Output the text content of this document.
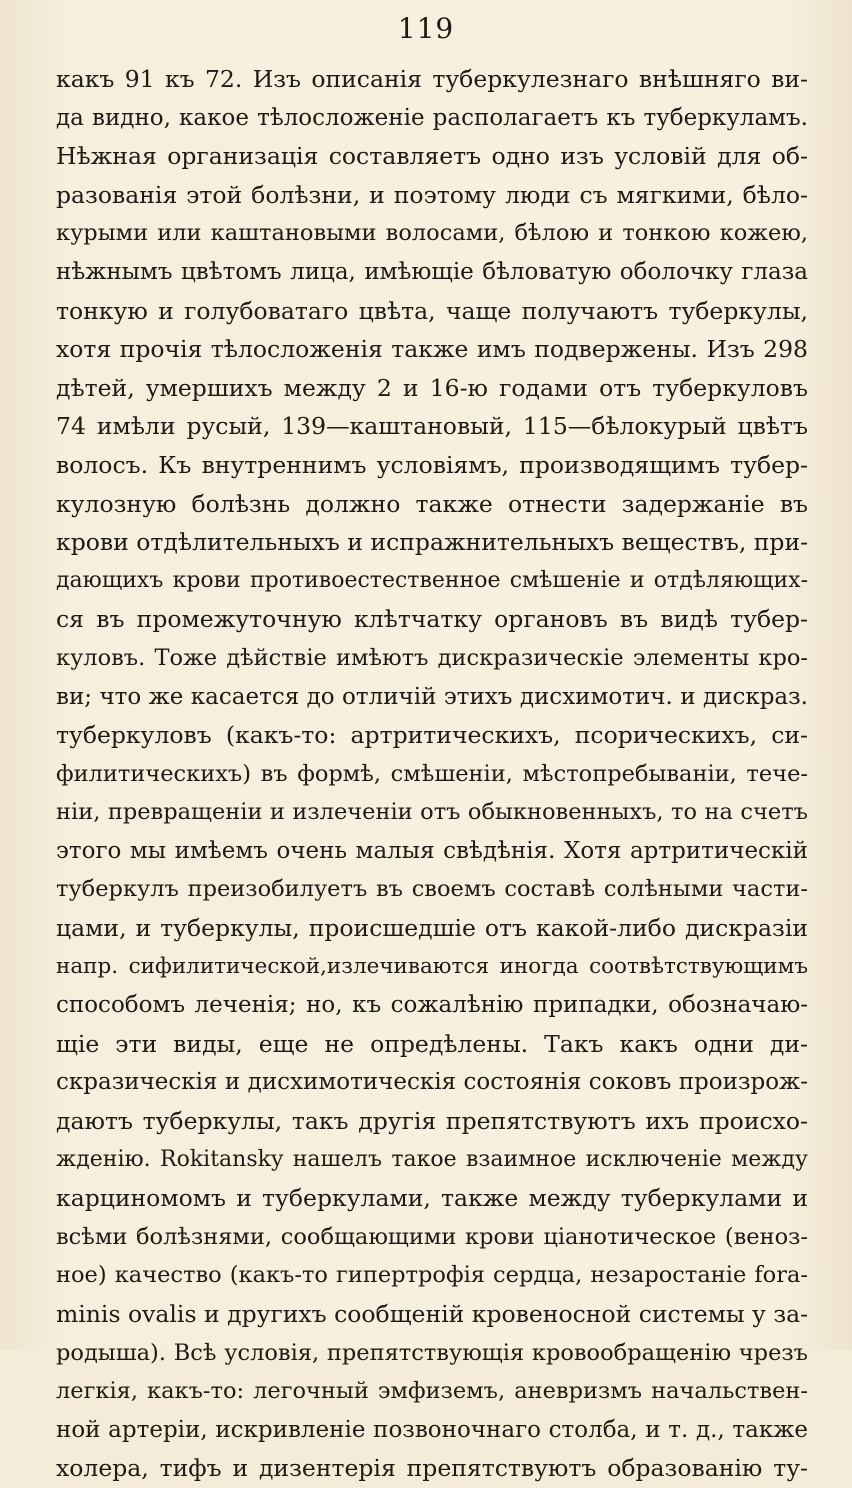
119
какъ 91 къ 72. Изъ описанія туберкулезнаго внѣшняго ви-
да видно, какое тѣлосложеніе располагаетъ къ туберкуламъ.
Нѣжная организація составляетъ одно изъ условій для об-
разованія этой болѣзни, и поэтому люди съ мягкими, бѣло-
курыми или каштановыми волосами, бѣлою и тонкою кожею,
нѣжнымъ цвѣтомъ лица, имѣющіе бѣловатую оболочку глаза
тонкую и голубоватаго цвѣта, чаще получаютъ туберкулы,
хотя прочія тѣлосложенія также имъ подвержены. Изъ 298
дѣтей, умершихъ между 2 и 16-ю годами отъ туберкуловъ
74 имѣли русый, 139—каштановый, 115—бѣлокурый цвѣтъ
волосъ. Къ внутреннимъ условіямъ, производящимъ тубер-
кулозную болѣзнь должно также отнести задержаніе въ
крови отдѣлительныхъ и испражнительныхъ веществъ, при-
дающихъ крови противоестественное смѣшеніе и отдѣляющих-
ся въ промежуточную клѣтчатку органовъ въ видѣ тубер-
куловъ. Тоже дѣйствіе имѣютъ дискразическіе элементы кро-
ви; что же касается до отличій этихъ дисхимотич. и дискраз.
туберкуловъ (какъ-то: артритическихъ, псорическихъ, си-
филитическихъ) въ формѣ, смѣшеніи, мѣстопребываніи, тече-
ніи, превращеніи и излеченіи отъ обыкновенныхъ, то на счетъ
этого мы имѣемъ очень малыя свѣдѣнія. Хотя артритическій
туберкулъ преизобилуетъ въ своемъ составѣ солѣными части-
цами, и туберкулы, происшедшіе отъ какой-либо дискразіи
напр. сифилитической,излечиваются иногда соотвѣтствующимъ
способомъ леченія; но, къ сожалѣнію припадки, обозначаю-
щіе эти виды, еще не опредѣлены. Такъ какъ одни ди-
скразическія и дисхимотическія состоянія соковъ произрож-
даютъ туберкулы, такъ другія препятствуютъ ихъ происхо-
жденію. Rokitansky нашелъ такое взаимное исключеніе между
карциномомъ и туберкулами, также между туберкулами и
всѣми болѣзнями, сообщающими крови ціанотическое (веноз-
ное) качество (какъ-то гипертрофія сердца, незаростаніе fora-
minis ovalis и другихъ сообщеній кровеносной системы у за-
родыша). Всѣ условія, препятствующія кровообращенію чрезъ
легкія, какъ-то: легочный эмфиземъ, аневризмъ начальствен-
ной артеріи, искривленіе позвоночнаго столба, и т. д., также
холера, тифъ и дизентерія препятствуютъ образованію ту-
